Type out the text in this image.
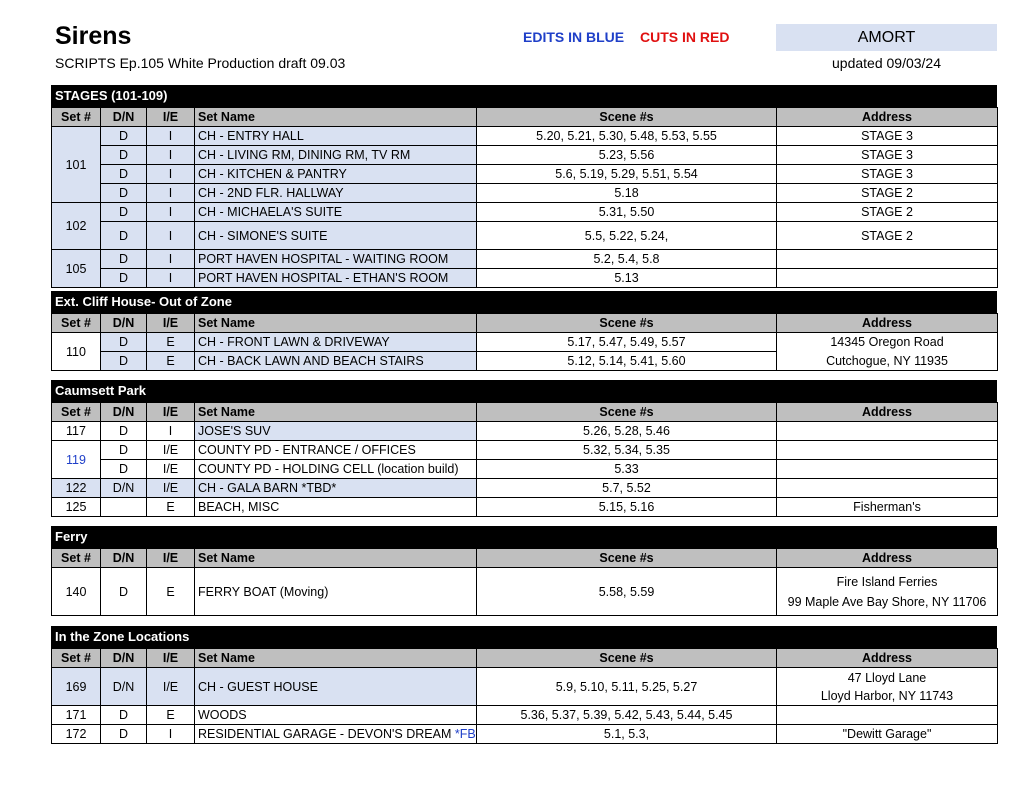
Sirens
SCRIPTS Ep.105 White Production draft 09.03
EDITS IN BLUE CUTS IN RED	AMORT
updated 09/03/24
STAGES (101-109)
Set #	D/N	I/E	Set Name	Scene #s	Address
101	D	I	CH - ENTRY HALL	5.20, 5.21, 5.30, 5.48, 5.53, 5.55	STAGE 3
	D	I	CH - LIVING RM, DINING RM, TV RM	5.23, 5.56	STAGE 3
	D	I	CH - KITCHEN & PANTRY	5.6, 5.19, 5.29, 5.51, 5.54	STAGE 3
	D	I	CH - 2ND FLR. HALLWAY	5.18	STAGE 2
102	D	I	CH - MICHAELA'S SUITE	5.31, 5.50	STAGE 2
	D	I	CH - SIMONE'S SUITE	5.5, 5.22, 5.24,	STAGE 2
105	D	I	PORT HAVEN HOSPITAL - WAITING ROOM	5.2, 5.4, 5.8	
	D	I	PORT HAVEN HOSPITAL - ETHAN'S ROOM	5.13	
Ext. Cliff House- Out of Zone
Set #	D/N	I/E	Set Name	Scene #s	Address
110	D	E	CH - FRONT LAWN & DRIVEWAY	5.17, 5.47, 5.49, 5.57	14345 Oregon Road
	D	E	CH - BACK LAWN AND BEACH STAIRS	5.12, 5.14, 5.41, 5.60	Cutchogue, NY 11935
Caumsett Park
Set #	D/N	I/E	Set Name	Scene #s	Address
117	D	I	JOSE'S SUV	5.26, 5.28, 5.46	
119	D	I/E	COUNTY PD - ENTRANCE / OFFICES	5.32, 5.34, 5.35	
	D	I/E	COUNTY PD - HOLDING CELL (location build)	5.33	
122	D/N	I/E	CH - GALA BARN *TBD*	5.7, 5.52	
125		E	BEACH, MISC	5.15, 5.16	Fisherman's
Ferry
Set #	D/N	I/E	Set Name	Scene #s	Address
140	D	E	FERRY BOAT (Moving)	5.58, 5.59	Fire Island Ferries
99 Maple Ave Bay Shore, NY 11706
In the Zone Locations
Set #	D/N	I/E	Set Name	Scene #s	Address
169	D/N	I/E	CH - GUEST HOUSE	5.9, 5.10, 5.11, 5.25, 5.27	47 Lloyd Lane
Lloyd Harbor, NY 11743

171	D	E	WOODS	5.36, 5.37, 5.39, 5.42, 5.43, 5.44, 5.45	
172	D	I	RESIDENTIAL GARAGE - DEVON'S DREAM *FB	5.1, 5.3,	"Dewitt Garage"
